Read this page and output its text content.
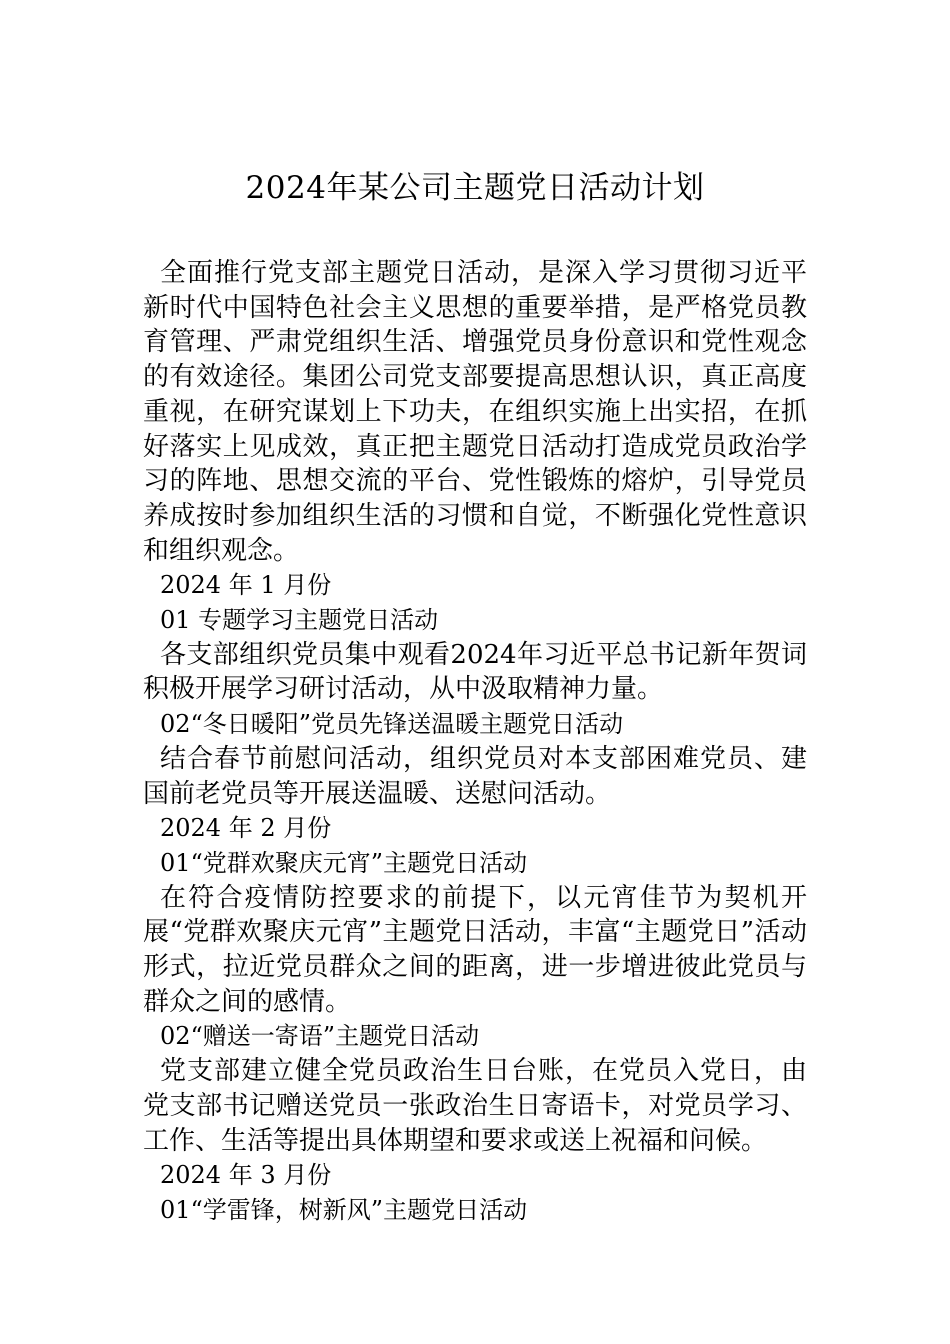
2024年某公司主题党日活动计划

全面推行党支部主题党日活动，是深入学习贯彻习近平新时代中国特色社会主义思想的重要举措，是严格党员教育管理、严肃党组织生活、增强党员身份意识和党性观念的有效途径。集团公司党支部要提高思想认识，真正高度重视，在研究谋划上下功夫，在组织实施上出实招，在抓好落实上见成效，真正把主题党日活动打造成党员政治学习的阵地、思想交流的平台、党性锻炼的熔炉，引导党员养成按时参加组织生活的习惯和自觉，不断强化党性意识和组织观念。

2024 年 1 月份
01 专题学习主题党日活动

各支部组织党员集中观看2024年习近平总书记新年贺词积极开展学习研讨活动，从中汲取精神力量。

02“冬日暖阳”党员先锋送温暖主题党日活动

结合春节前慰问活动，组织党员对本支部困难党员、建国前老党员等开展送温暖、送慰问活动。

2024 年 2 月份
01“党群欢聚庆元宵”主题党日活动

在符合疫情防控要求的前提下，以元宵佳节为契机开展“党群欢聚庆元宵”主题党日活动，丰富“主题党日”活动形式，拉近党员群众之间的距离，进一步增进彼此党员与群众之间的感情。

02“赠送一寄语”主题党日活动

党支部建立健全党员政治生日台账，在党员入党日，由党支部书记赠送党员一张政治生日寄语卡，对党员学习、工作、生活等提出具体期望和要求或送上祝福和问候。

2024 年 3 月份
01“学雷锋，树新风”主题党日活动
